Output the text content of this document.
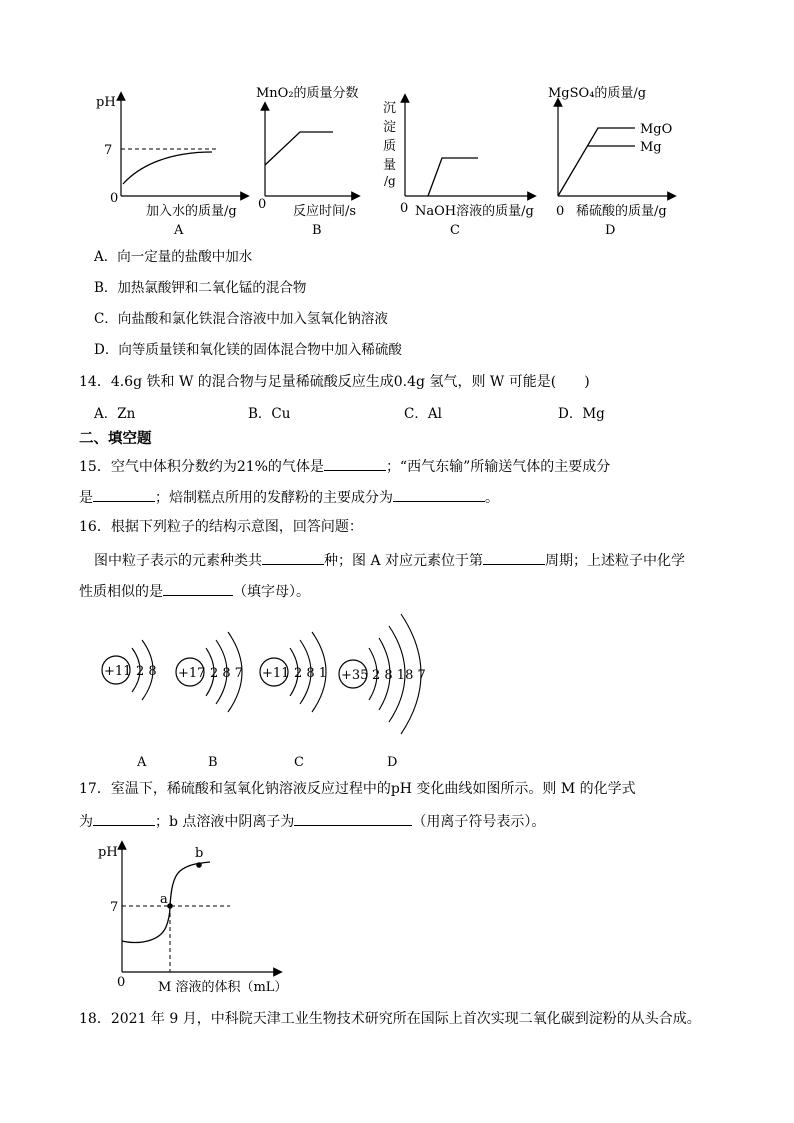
pH
7
0
加入水的质量/g
A
MnO₂的质量分数
0 反应时间/s
B
沉
淀
质
量
/g
0 NaOH溶液的质量/g
C
MgSO₄的质量/g
MgO
Mg
0 稀硫酸的质量/g
D
A．向一定量的盐酸中加水
B．加热氯酸钾和二氧化锰的混合物
C．向盐酸和氯化铁混合溶液中加入氢氧化钠溶液
D．向等质量镁和氧化镁的固体混合物中加入稀硫酸
14．4.6g 铁和 W 的混合物与足量稀硫酸反应生成0.4g 氢气，则 W 可能是(　　)
A．Zn	B．Cu	C．Al	D．Mg
二、填空题
15．空气中体积分数约为21%的气体是	；“西气东输”所输送气体的主要成分
是	；焙制糕点所用的发酵粉的主要成分为	。
16．根据下列粒子的结构示意图，回答问题：
图中粒子表示的元素种类共	种；图 A 对应元素位于第	周期；上述粒子中化学
性质相似的是	（填字母）。
+11 2 8
A
+17 2 8 7
B
+11 2 8 1
C
+35 2 8 18 7
D
17．室温下，稀硫酸和氢氧化钠溶液反应过程中的pH 变化曲线如图所示。则 M 的化学式
为	；b 点溶液中阴离子为	（用离子符号表示）。
pH
7
a
b
0	M 溶液的体积（mL）
18．2021 年 9 月，中科院天津工业生物技术研究所在国际上首次实现二氧化碳到淀粉的从头合成。
